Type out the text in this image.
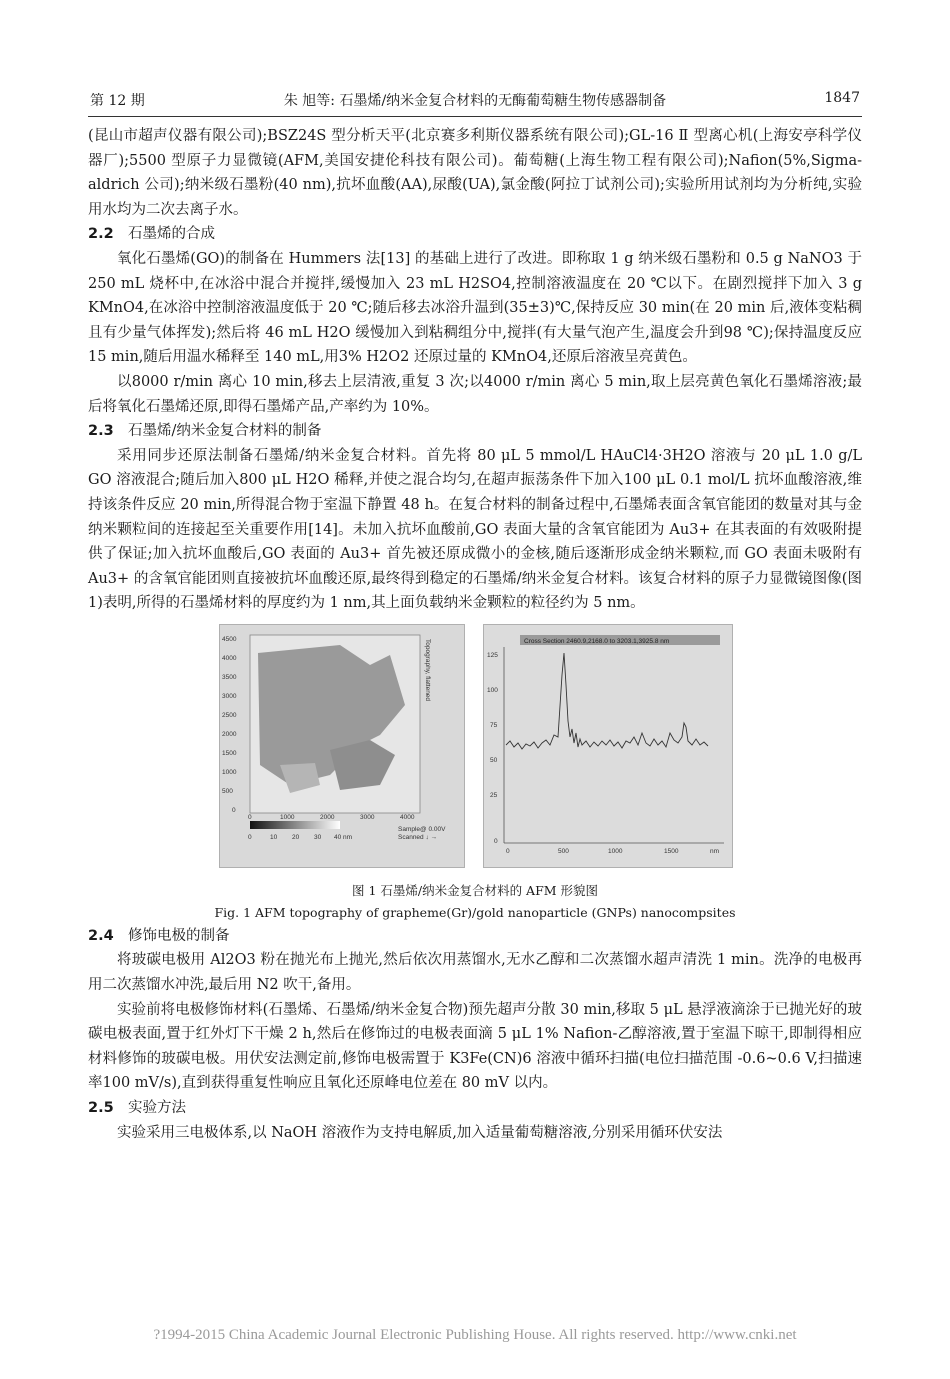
第 12 期	朱 旭等: 石墨烯/纳米金复合材料的无酶葡萄糖生物传感器制备	1847

(昆山市超声仪器有限公司);BSZ24S 型分析天平(北京赛多利斯仪器系统有限公司);GL-16 Ⅱ 型离心机(上海安亭科学仪器厂);5500 型原子力显微镜(AFM,美国安捷伦科技有限公司)。葡萄糖(上海生物工程有限公司);Nafion(5%,Sigma-aldrich 公司);纳米级石墨粉(40 nm),抗坏血酸(AA),尿酸(UA),氯金酸(阿拉丁试剂公司);实验所用试剂均为分析纯,实验用水均为二次去离子水。

2.2 石墨烯的合成

氧化石墨烯(GO)的制备在 Hummers 法[13] 的基础上进行了改进。即称取 1 g 纳米级石墨粉和 0.5 g NaNO3 于 250 mL 烧杯中,在冰浴中混合并搅拌,缓慢加入 23 mL H2SO4,控制溶液温度在 20 ℃以下。在剧烈搅拌下加入 3 g KMnO4,在冰浴中控制溶液温度低于 20 ℃;随后移去冰浴升温到(35±3)℃,保持反应 30 min(在 20 min 后,液体变粘稠且有少量气体挥发);然后将 46 mL H2O 缓慢加入到粘稠组分中,搅拌(有大量气泡产生,温度会升到98 ℃);保持温度反应 15 min,随后用温水稀释至 140 mL,用3% H2O2 还原过量的 KMnO4,还原后溶液呈亮黄色。

以8000 r/min 离心 10 min,移去上层清液,重复 3 次;以4000 r/min 离心 5 min,取上层亮黄色氧化石墨烯溶液;最后将氧化石墨烯还原,即得石墨烯产品,产率约为 10%。

2.3 石墨烯/纳米金复合材料的制备

采用同步还原法制备石墨烯/纳米金复合材料。首先将 80 μL 5 mmol/L HAuCl4·3H2O 溶液与 20 μL 1.0 g/L GO 溶液混合;随后加入800 μL H2O 稀释,并使之混合均匀,在超声振荡条件下加入100 μL 0.1 mol/L 抗坏血酸溶液,维持该条件反应 20 min,所得混合物于室温下静置 48 h。在复合材料的制备过程中,石墨烯表面含氧官能团的数量对其与金纳米颗粒间的连接起至关重要作用[14]。未加入抗坏血酸前,GO 表面大量的含氧官能团为 Au3+ 在其表面的有效吸附提供了保证;加入抗坏血酸后,GO 表面的 Au3+ 首先被还原成微小的金核,随后逐渐形成金纳米颗粒,而 GO 表面未吸附有 Au3+ 的含氧官能团则直接被抗坏血酸还原,最终得到稳定的石墨烯/纳米金复合材料。该复合材料的原子力显微镜图像(图1)表明,所得的石墨烯材料的厚度约为 1 nm,其上面负载纳米金颗粒的粒径约为 5 nm。

4500
4000
3500
3000
2500
2000
1500
1000
500
0
0	1000	2000	3000	4000
0	10 20 30 40 nm
Sample@ 0.00V
Scanned ↓ →
Topography, flattened	Cross Section 2460.9,2168.0 to 3203.1,3925.8 nm
125
100
75
50
25
0
0	500	1000	1500	nm
图 1 石墨烯/纳米金复合材料的 AFM 形貌图
Fig. 1 AFM topography of grapheme(Gr)/gold nanoparticle (GNPs) nanocompsites

2.4 修饰电极的制备

将玻碳电极用 Al2O3 粉在抛光布上抛光,然后依次用蒸馏水,无水乙醇和二次蒸馏水超声清洗 1 min。洗净的电极再用二次蒸馏水冲洗,最后用 N2 吹干,备用。

实验前将电极修饰材料(石墨烯、石墨烯/纳米金复合物)预先超声分散 30 min,移取 5 μL 悬浮液滴涂于已抛光好的玻碳电极表面,置于红外灯下干燥 2 h,然后在修饰过的电极表面滴 5 μL 1% Nafion-乙醇溶液,置于室温下晾干,即制得相应材料修饰的玻碳电极。用伏安法测定前,修饰电极需置于 K3Fe(CN)6 溶液中循环扫描(电位扫描范围 -0.6~0.6 V,扫描速率100 mV/s),直到获得重复性响应且氧化还原峰电位差在 80 mV 以内。

2.5 实验方法

实验采用三电极体系,以 NaOH 溶液作为支持电解质,加入适量葡萄糖溶液,分别采用循环伏安法

?1994-2015 China Academic Journal Electronic Publishing House. All rights reserved. http://www.cnki.net
